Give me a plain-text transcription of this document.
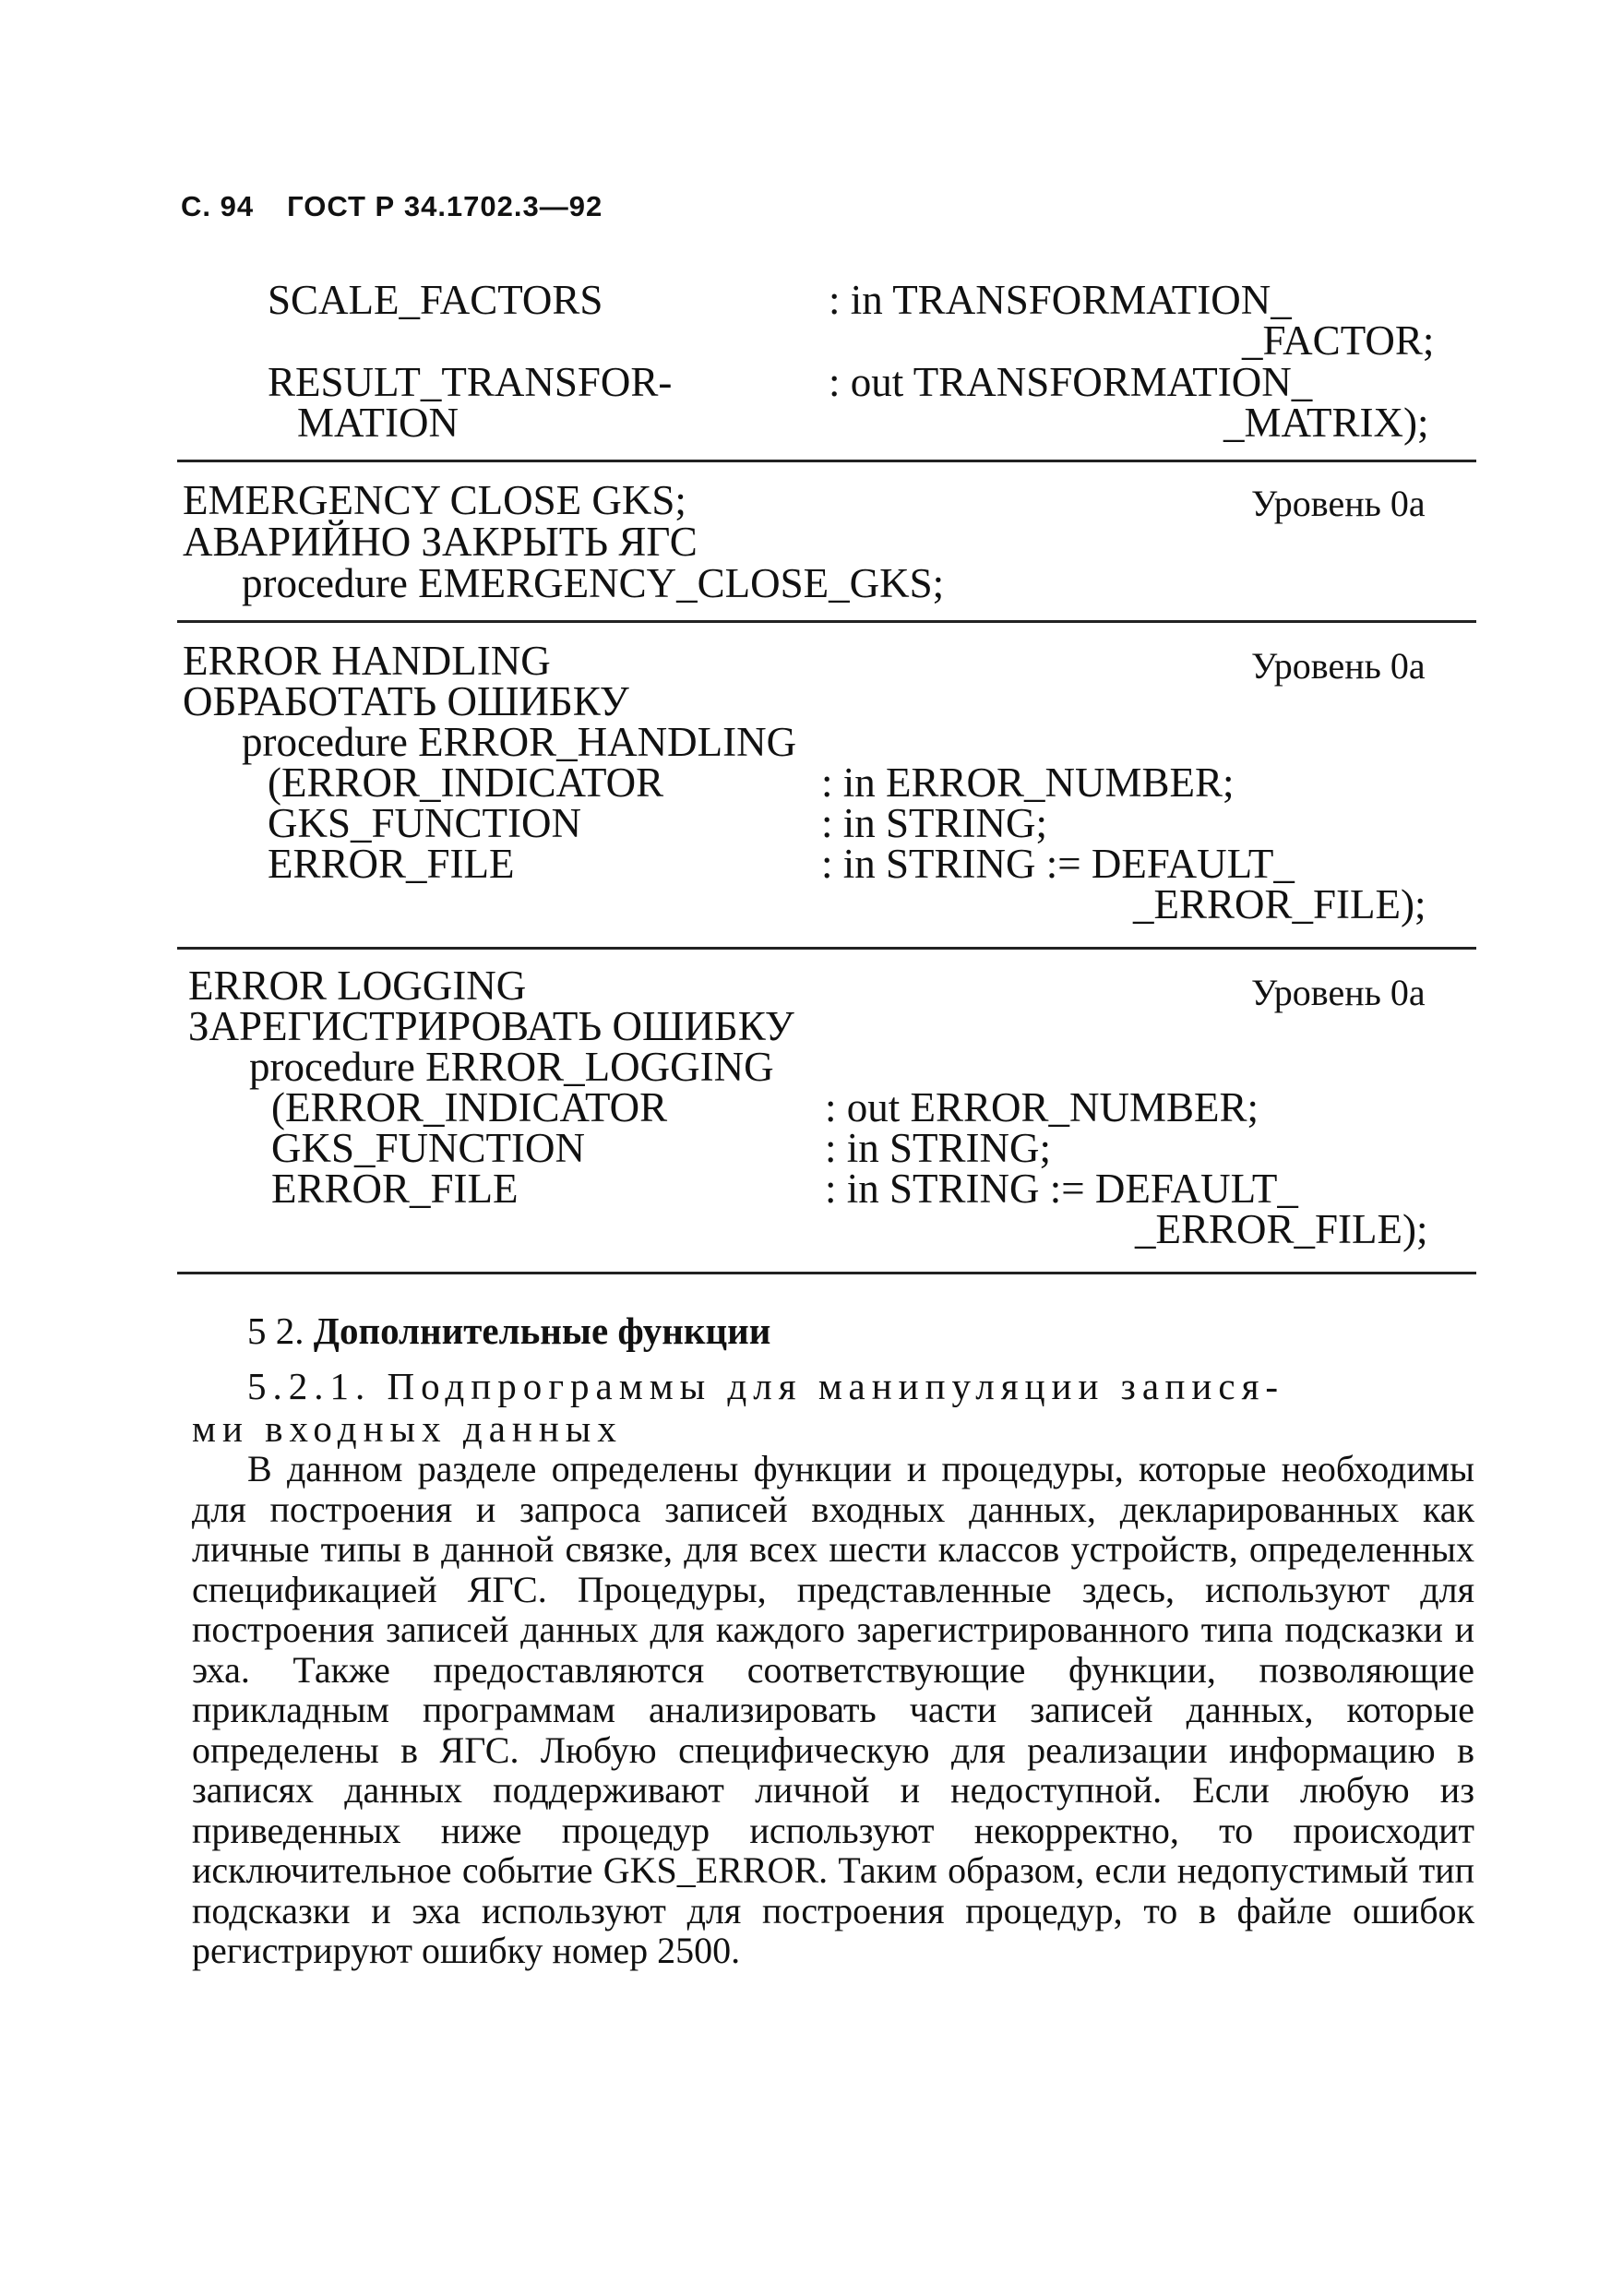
С. 94 ГОСТ Р 34.1702.3—92
SCALE_FACTORS	: in TRANSFORMATION_
_FACTOR;
RESULT_TRANSFOR-	: out TRANSFORMATION_
MATION	_MATRIX);
EMERGENCY CLOSE GKS;	Уровень 0а
АВАРИЙНО ЗАКРЫТЬ ЯГС
procedure EMERGENCY_CLOSE_GKS;
ERROR HANDLING	Уровень 0а
ОБРАБОТАТЬ ОШИБКУ
procedure ERROR_HANDLING
(ERROR_INDICATOR	: in ERROR_NUMBER;
GKS_FUNCTION	: in STRING;
ERROR_FILE	: in STRING := DEFAULT_
_ERROR_FILE);
ERROR LOGGING	Уровень 0а
ЗАРЕГИСТРИРОВАТЬ ОШИБКУ
procedure ERROR_LOGGING
(ERROR_INDICATOR	: out ERROR_NUMBER;
GKS_FUNCTION	: in STRING;
ERROR_FILE	: in STRING := DEFAULT_
_ERROR_FILE);
5 2. Дополнительные функции
5.2.1. Подпрограммы для манипуляции запися-
ми входных данных
В данном разделе определены функции и процедуры, которые необходимы для построения и запроса записей входных данных, декларированных как личные типы в данной связке, для всех шести классов устройств, определенных спецификацией ЯГС. Процедуры, представленные здесь, используют для построения записей данных для каждого зарегистрированного типа подсказки и эха. Также предоставляются соответствующие функции, позволяющие прикладным программам анализировать части записей данных, которые определены в ЯГС. Любую специфическую для реализации информацию в записях данных поддерживают личной и недоступной. Если любую из приведенных ниже процедур используют некорректно, то происходит исключительное событие GKS_ERROR. Таким образом, если недопустимый тип подсказки и эха используют для построения процедур, то в файле ошибок регистрируют ошибку номер 2500.
